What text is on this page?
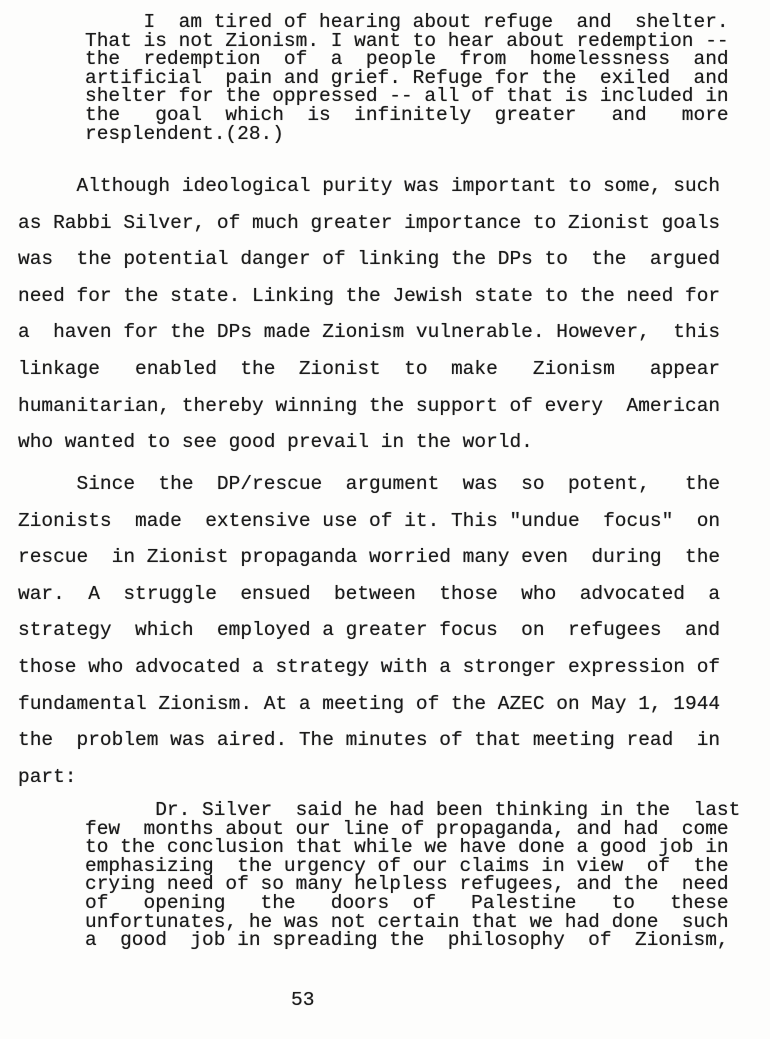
I  am tired of hearing about refuge  and  shelter.
That is not Zionism. I want to hear about redemption --
the  redemption  of  a  people  from  homelessness  and
artificial  pain and grief. Refuge for the  exiled  and
shelter for the oppressed -- all of that is included in
the   goal  which  is  infinitely  greater   and   more
resplendent.(28.)
Although ideological purity was important to some, such
as Rabbi Silver, of much greater importance to Zionist goals
was  the potential danger of linking the DPs to  the  argued
need for the state. Linking the Jewish state to the need for
a  haven for the DPs made Zionism vulnerable. However,  this
linkage   enabled  the  Zionist  to  make   Zionism   appear
humanitarian, thereby winning the support of every  American
who wanted to see good prevail in the world.
Since  the  DP/rescue  argument  was  so  potent,   the
Zionists  made  extensive use of it. This "undue  focus"  on
rescue  in Zionist propaganda worried many even  during  the
war.  A  struggle  ensued  between  those  who  advocated  a
strategy  which  employed a greater focus  on  refugees  and
those who advocated a strategy with a stronger expression of
fundamental Zionism. At a meeting of the AZEC on May 1, 1944
the  problem was aired. The minutes of that meeting read  in
part:
Dr. Silver  said he had been thinking in the  last
few  months about our line of propaganda, and had  come
to the conclusion that while we have done a good job in
emphasizing  the urgency of our claims in view  of  the
crying need of so many helpless refugees, and the  need
of   opening   the   doors  of   Palestine   to   these
unfortunates, he was not certain that we had done  such
a  good  job in spreading the  philosophy  of  Zionism,
53
